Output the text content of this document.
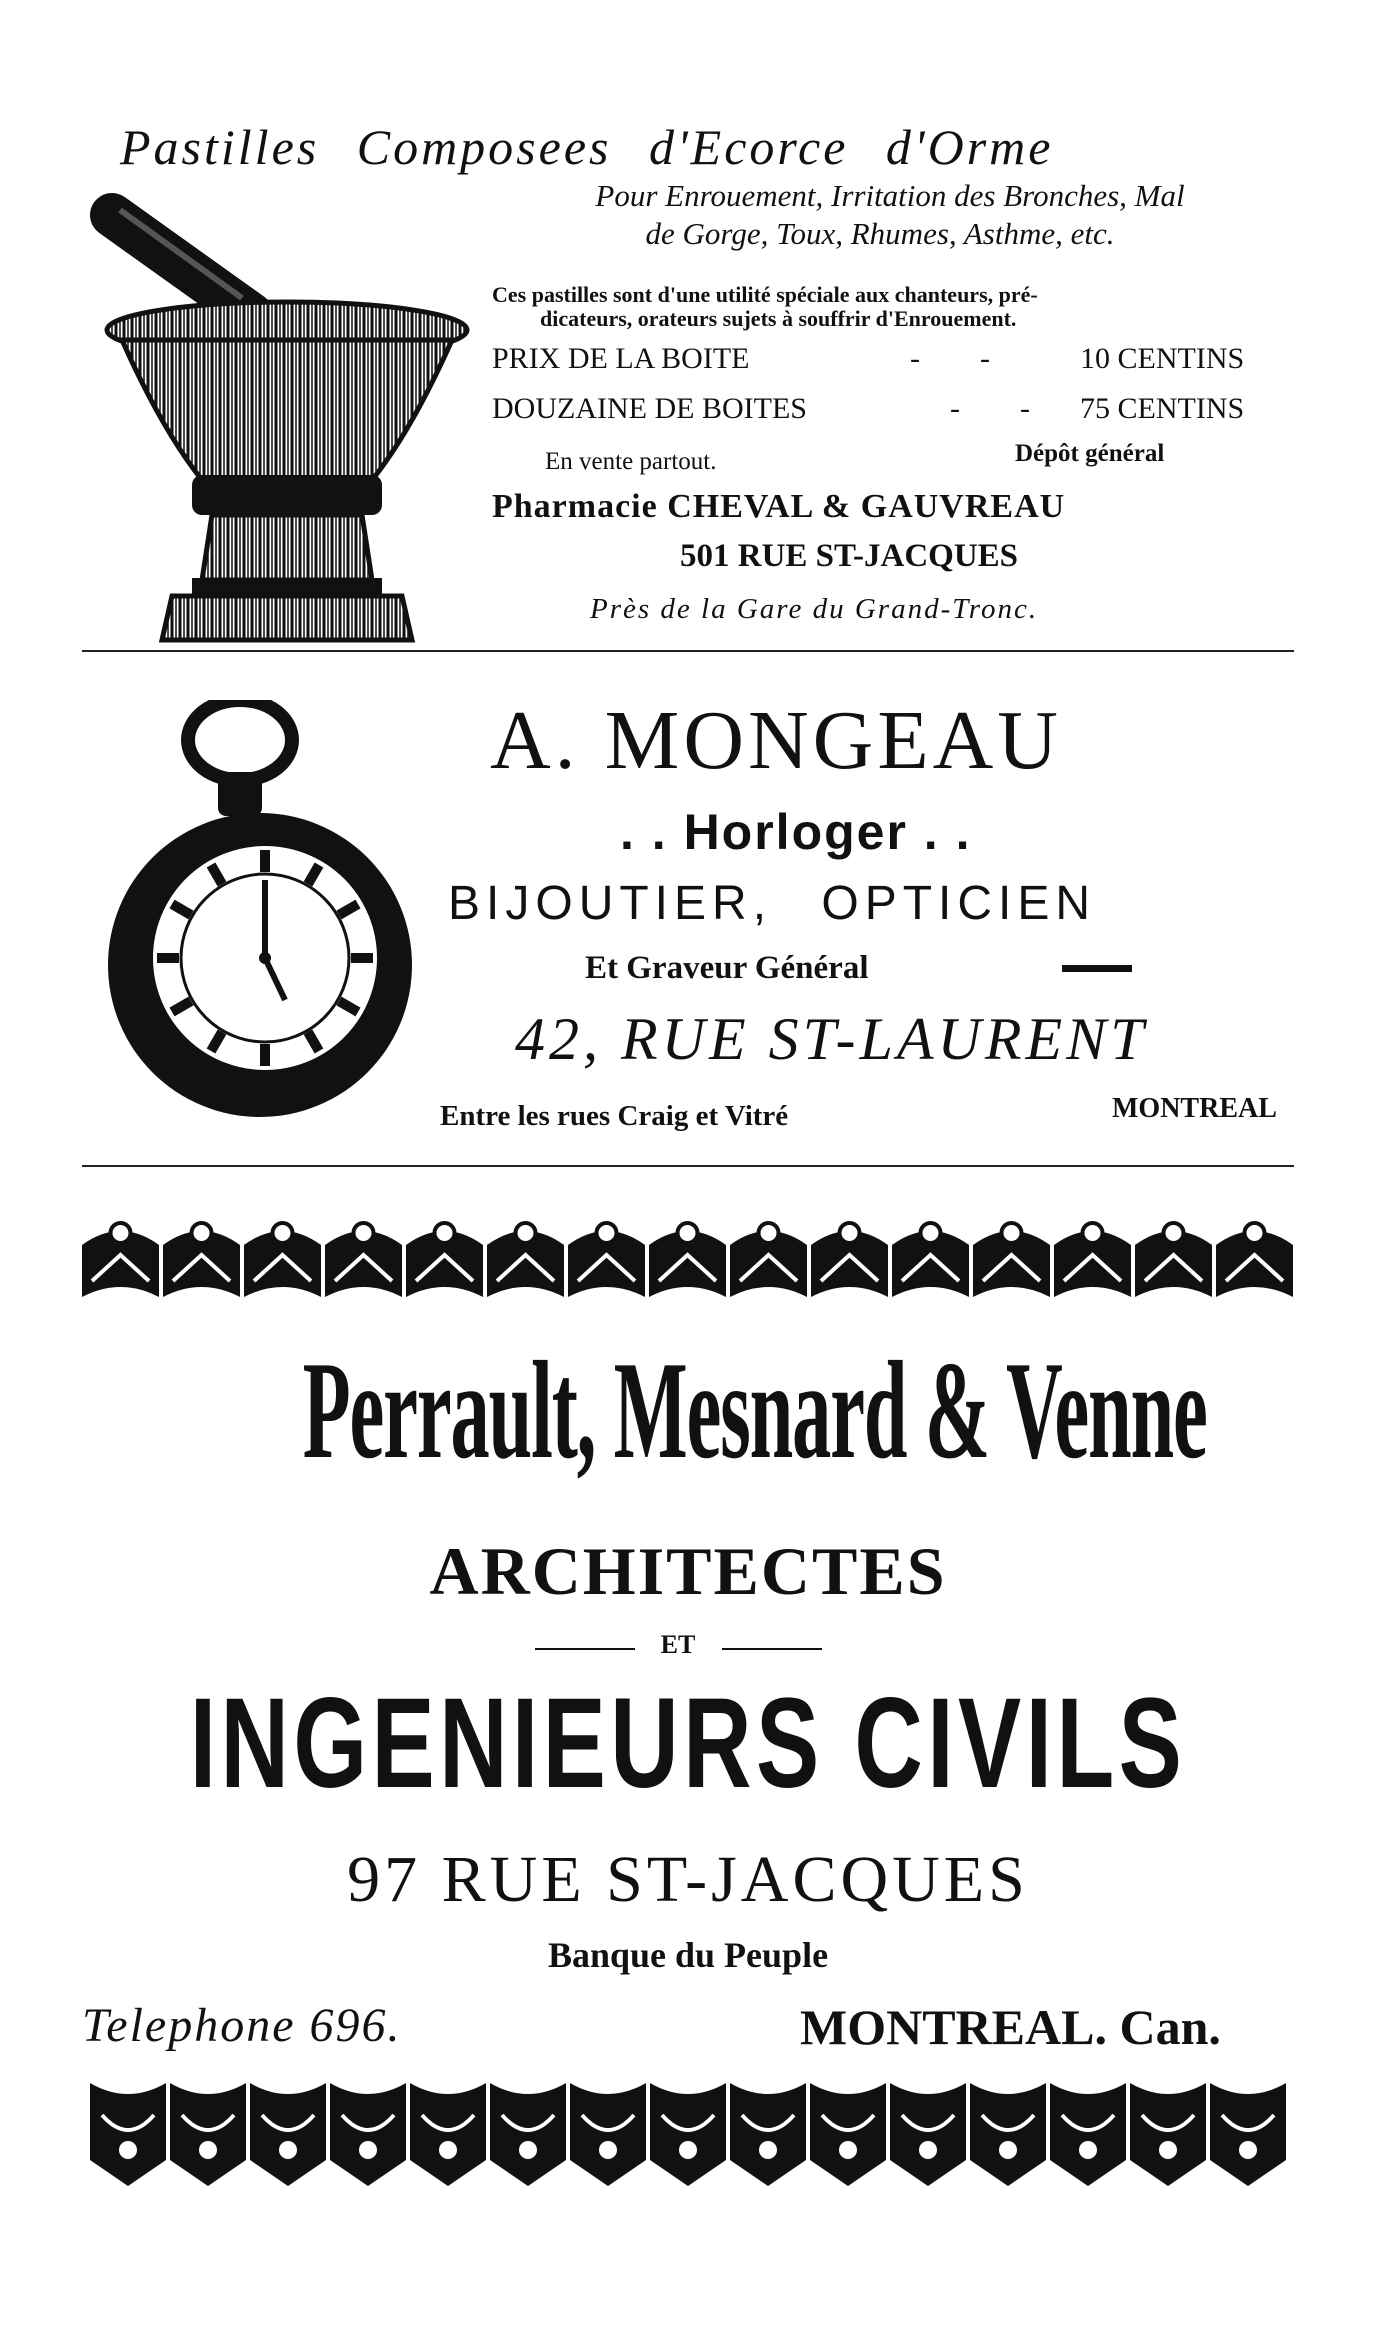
Pastilles Composees d'Ecorce d'Orme
Pour Enrouement, Irritation des Bronches, Mal
de Gorge, Toux, Rhumes, Asthme, etc.
Ces pastilles sont d'une utilité spéciale aux chanteurs, pré-
dicateurs, orateurs sujets à souffrir d'Enrouement.
PRIX DE LA BOITE	-        -	10 CENTINS
DOUZAINE DE BOITES	-        - 75 CENTINS
En vente partout.	Dépôt général
Pharmacie CHEVAL & GAUVREAU
501 RUE ST-JACQUES
Près de la Gare du Grand-Tronc.
A. MONGEAU
. . Horloger . .
BIJOUTIER, OPTICIEN
Et Graveur Général
42, RUE ST-LAURENT
Entre les rues Craig et Vitré	MONTREAL
Perrault, Mesnard & Venne
ARCHITECTES
ET
INGENIEURS CIVILS
97 RUE ST-JACQUES
Banque du Peuple
Telephone 696.	MONTREAL. Can.
